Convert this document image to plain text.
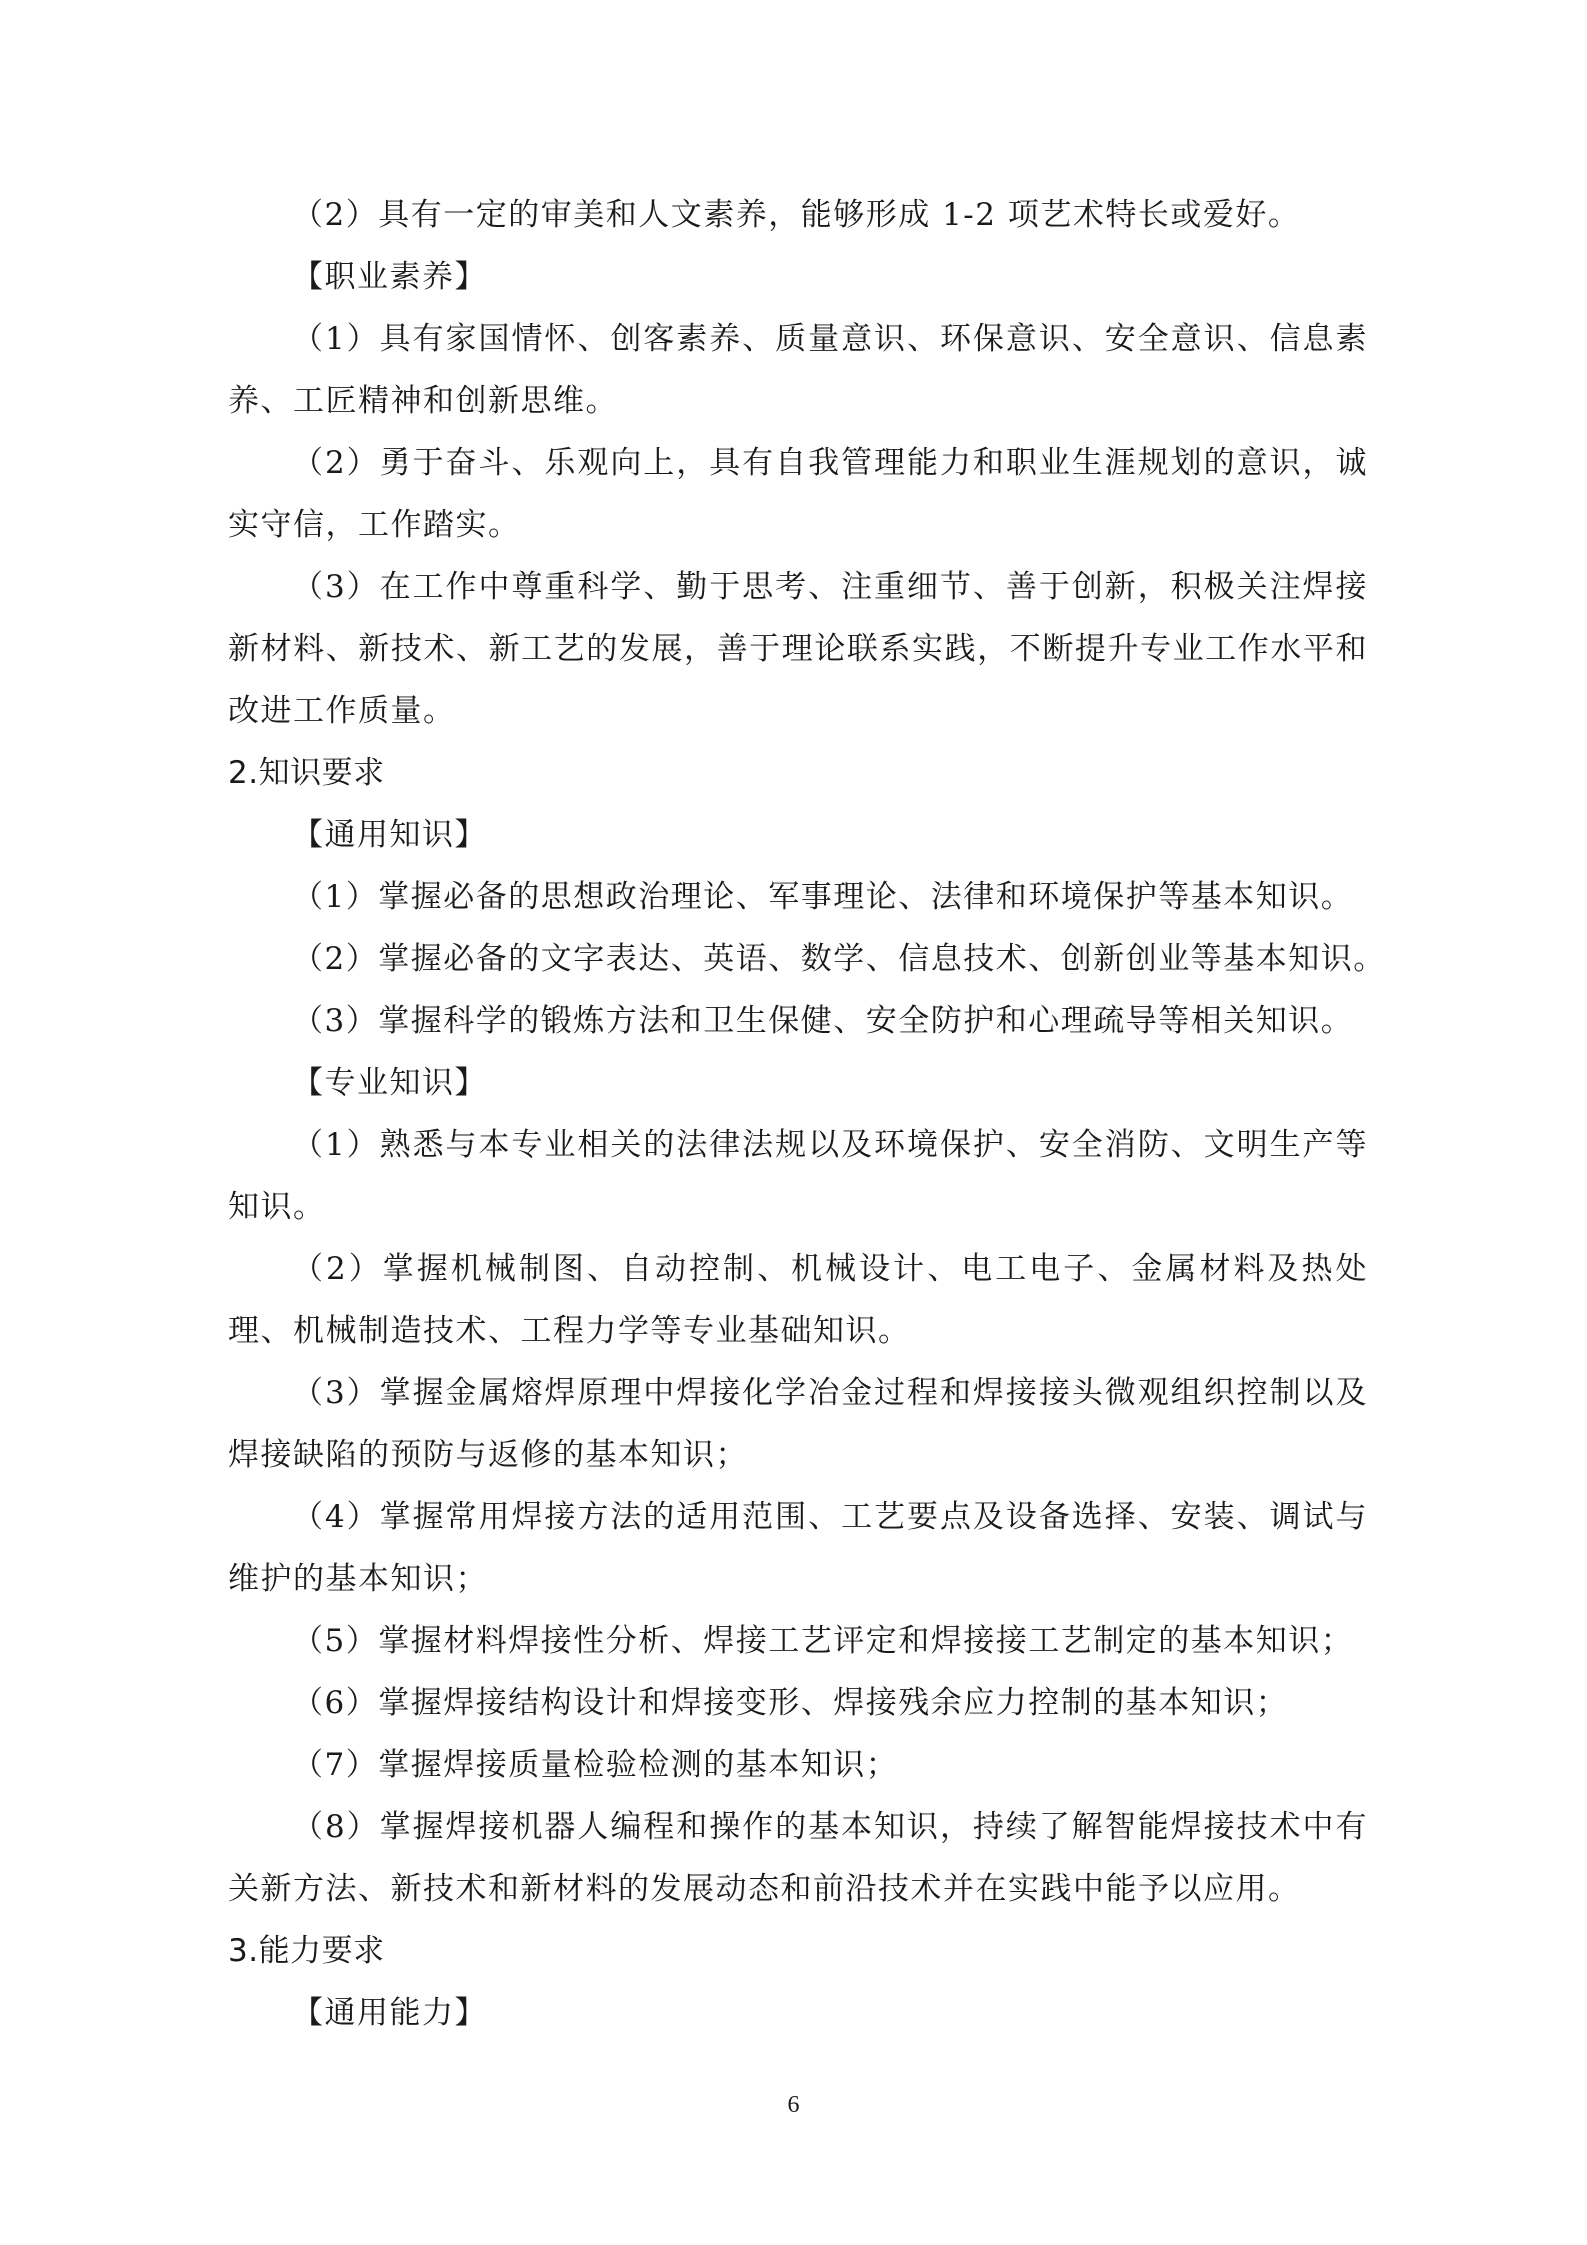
（2）具有一定的审美和人文素养，能够形成 1-2 项艺术特长或爱好。

【职业素养】

（1）具有家国情怀、创客素养、质量意识、环保意识、安全意识、信息素养、工匠精神和创新思维。

（2）勇于奋斗、乐观向上，具有自我管理能力和职业生涯规划的意识，诚实守信，工作踏实。

（3）在工作中尊重科学、勤于思考、注重细节、善于创新，积极关注焊接新材料、新技术、新工艺的发展，善于理论联系实践，不断提升专业工作水平和改进工作质量。

2.知识要求

【通用知识】

（1）掌握必备的思想政治理论、军事理论、法律和环境保护等基本知识。

（2）掌握必备的文字表达、英语、数学、信息技术、创新创业等基本知识。

（3）掌握科学的锻炼方法和卫生保健、安全防护和心理疏导等相关知识。

【专业知识】

（1）熟悉与本专业相关的法律法规以及环境保护、安全消防、文明生产等知识。

（2）掌握机械制图、自动控制、机械设计、电工电子、金属材料及热处理、机械制造技术、工程力学等专业基础知识。

（3）掌握金属熔焊原理中焊接化学冶金过程和焊接接头微观组织控制以及焊接缺陷的预防与返修的基本知识；

（4）掌握常用焊接方法的适用范围、工艺要点及设备选择、安装、调试与维护的基本知识；

（5）掌握材料焊接性分析、焊接工艺评定和焊接接工艺制定的基本知识；

（6）掌握焊接结构设计和焊接变形、焊接残余应力控制的基本知识；

（7）掌握焊接质量检验检测的基本知识；

（8）掌握焊接机器人编程和操作的基本知识，持续了解智能焊接技术中有关新方法、新技术和新材料的发展动态和前沿技术并在实践中能予以应用。

3.能力要求

【通用能力】

6
